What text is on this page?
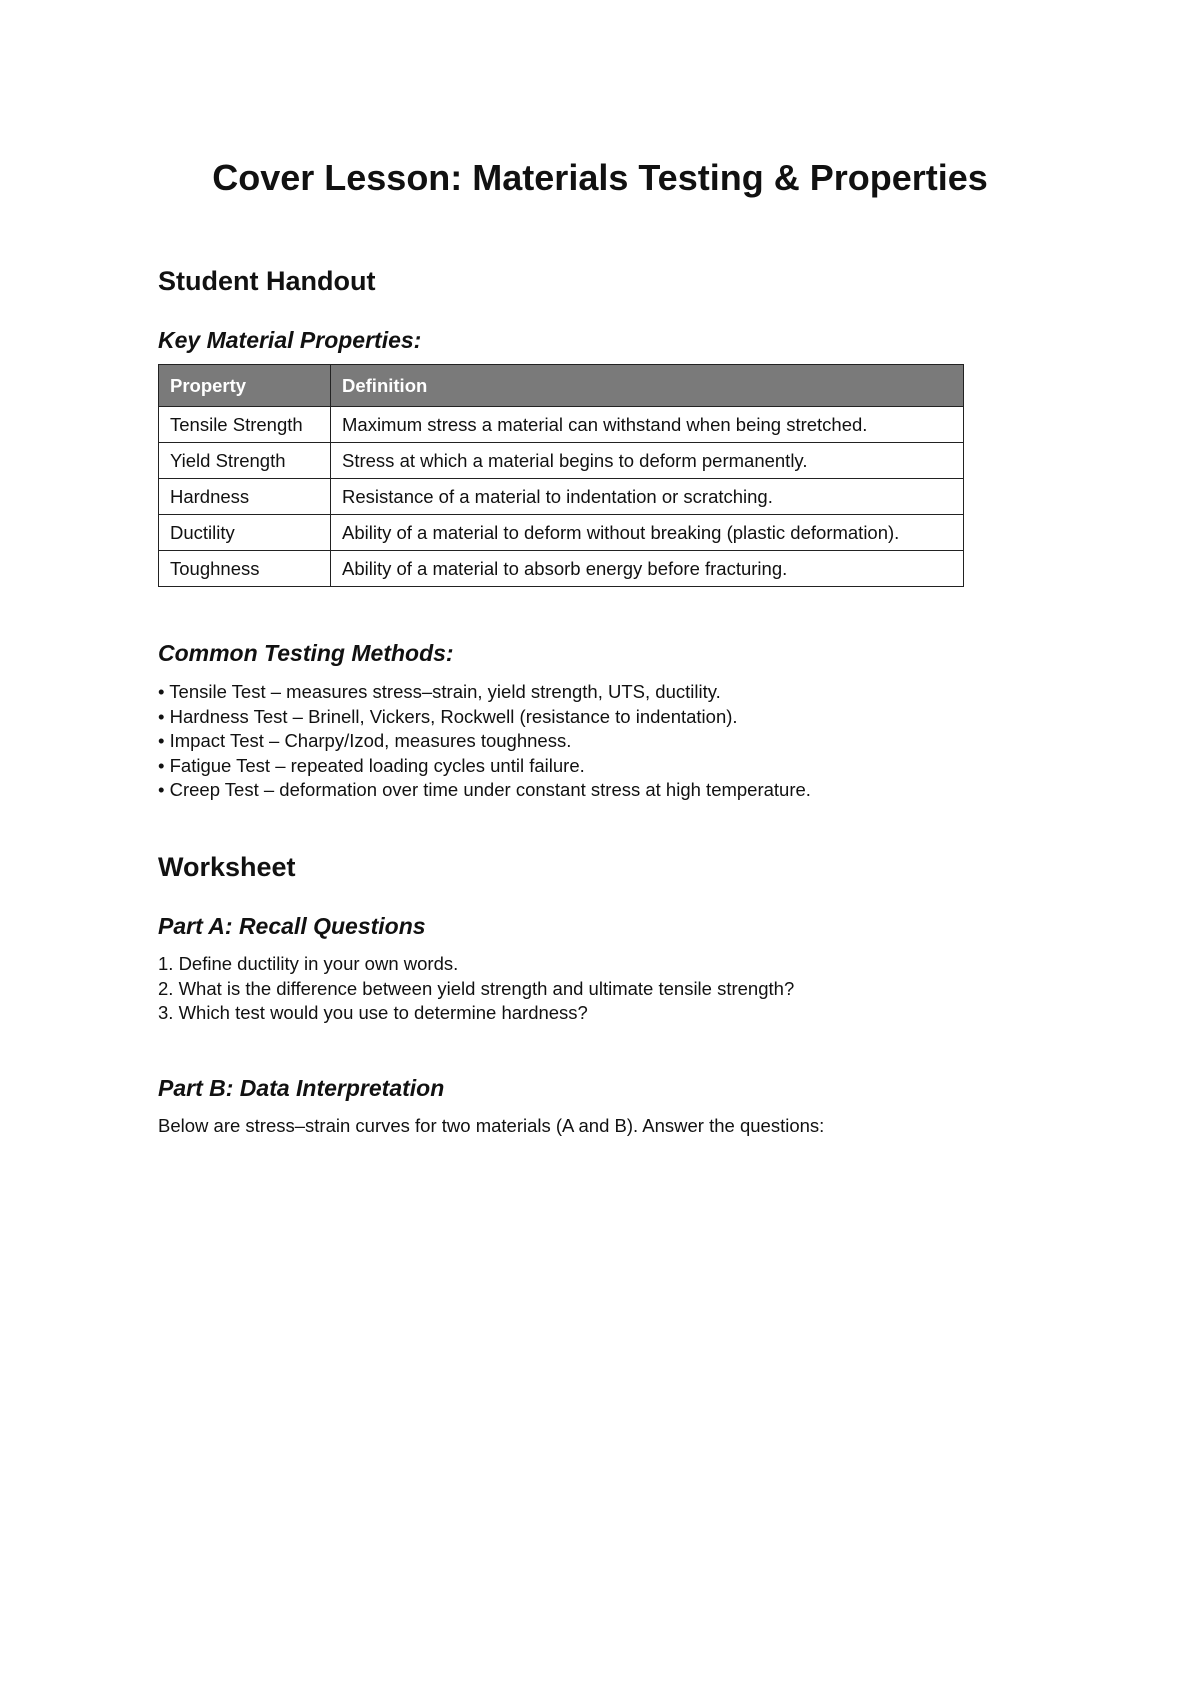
Cover Lesson: Materials Testing & Properties
Student Handout
Key Material Properties:
Property	Definition
Tensile Strength	Maximum stress a material can withstand when being stretched.
Yield Strength	Stress at which a material begins to deform permanently.
Hardness	Resistance of a material to indentation or scratching.
Ductility	Ability of a material to deform without breaking (plastic deformation).
Toughness	Ability of a material to absorb energy before fracturing.
Common Testing Methods:
• Tensile Test – measures stress–strain, yield strength, UTS, ductility.
• Hardness Test – Brinell, Vickers, Rockwell (resistance to indentation).
• Impact Test – Charpy/Izod, measures toughness.
• Fatigue Test – repeated loading cycles until failure.
• Creep Test – deformation over time under constant stress at high temperature.
Worksheet
Part A: Recall Questions
1. Define ductility in your own words.
2. What is the difference between yield strength and ultimate tensile strength?
3. Which test would you use to determine hardness?
Part B: Data Interpretation

Below are stress–strain curves for two materials (A and B). Answer the questions:
